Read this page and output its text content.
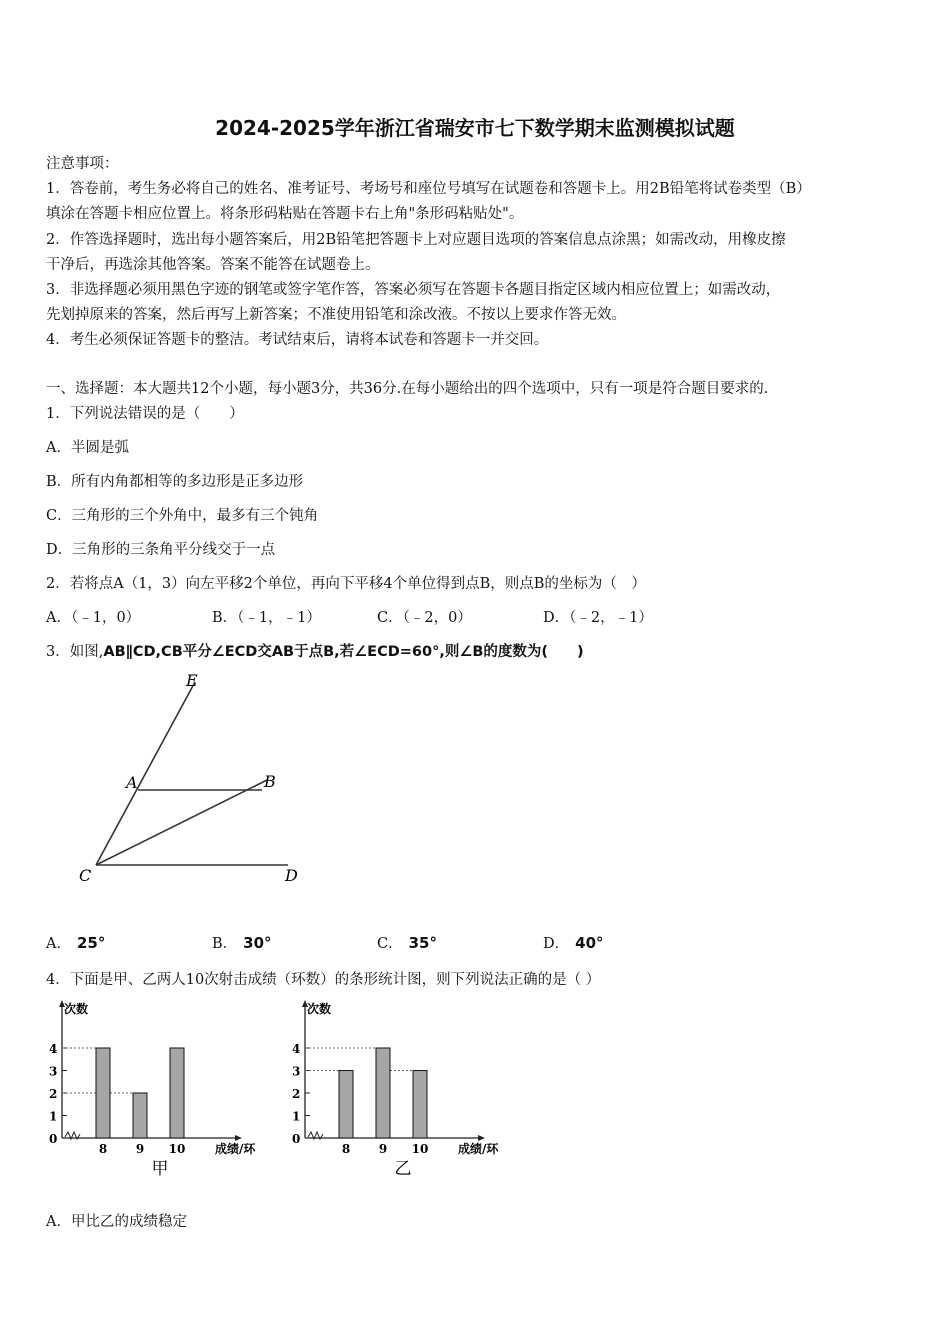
2024-2025学年浙江省瑞安市七下数学期末监测模拟试题
注意事项：
1．答卷前，考生务必将自己的姓名、准考证号、考场号和座位号填写在试题卷和答题卡上。用2B铅笔将试卷类型（B）
填涂在答题卡相应位置上。将条形码粘贴在答题卡右上角"条形码粘贴处"。
2．作答选择题时，选出每小题答案后，用2B铅笔把答题卡上对应题目选项的答案信息点涂黑；如需改动，用橡皮擦
干净后，再选涂其他答案。答案不能答在试题卷上。
3．非选择题必须用黑色字迹的钢笔或签字笔作答，答案必须写在答题卡各题目指定区域内相应位置上；如需改动，
先划掉原来的答案，然后再写上新答案；不准使用铅笔和涂改液。不按以上要求作答无效。
4．考生必须保证答题卡的整洁。考试结束后，请将本试卷和答题卡一并交回。
一、选择题：本大题共12个小题，每小题3分，共36分.在每小题给出的四个选项中，只有一项是符合题目要求的.
1．下列说法错误的是（　　）
A．半圆是弧
B．所有内角都相等的多边形是正多边形
C．三角形的三个外角中，最多有三个钝角
D．三角形的三条角平分线交于一点
2．若将点A（1，3）向左平移2个单位，再向下平移4个单位得到点B，则点B的坐标为（　）
A．（﹣1，0）	B．（﹣1，﹣1）	C．（﹣2，0）	D．（﹣2，﹣1）
3．如图,AB∥CD,CB平分∠ECD交AB于点B,若∠ECD=60°,则∠B的度数为(　　)
E
A	B
C	D
A． 25°	B． 30°	C． 35°	D． 40°
4．下面是甲、乙两人10次射击成绩（环数）的条形统计图，则下列说法正确的是（ ）
0
1
2
3
4
次数
8 9 10 成绩/环
甲
0
1
2
3
4
次数
8 9 10 成绩/环
乙
A．甲比乙的成绩稳定
